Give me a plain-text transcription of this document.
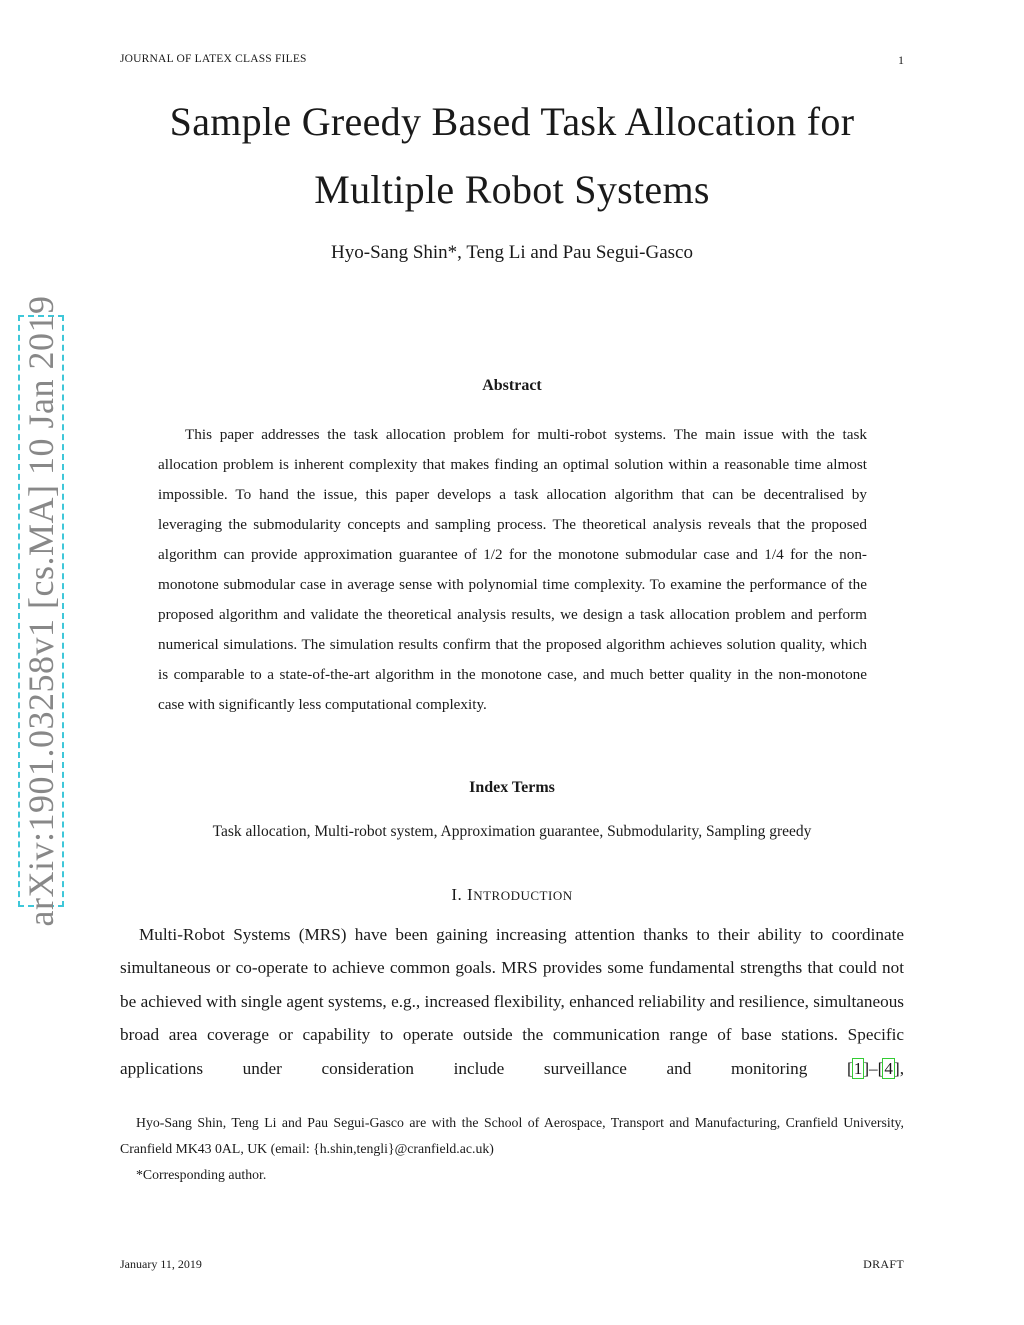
JOURNAL OF LATEX CLASS FILES	1
arXiv:1901.03258v1 [cs.MA] 10 Jan 2019
Sample Greedy Based Task Allocation for
Multiple Robot Systems
Hyo-Sang Shin*, Teng Li and Pau Segui-Gasco
Abstract
This paper addresses the task allocation problem for multi-robot systems. The main issue with the task allocation problem is inherent complexity that makes finding an optimal solution within a reasonable time almost impossible. To hand the issue, this paper develops a task allocation algorithm that can be decentralised by leveraging the submodularity concepts and sampling process. The theoretical analysis reveals that the proposed algorithm can provide approximation guarantee of 1/2 for the monotone submodular case and 1/4 for the non-monotone submodular case in average sense with polynomial time complexity. To examine the performance of the proposed algorithm and validate the theoretical analysis results, we design a task allocation problem and perform numerical simulations. The simulation results confirm that the proposed algorithm achieves solution quality, which is comparable to a state-of-the-art algorithm in the monotone case, and much better quality in the non-monotone case with significantly less computational complexity.
Index Terms
Task allocation, Multi-robot system, Approximation guarantee, Submodularity, Sampling greedy
I. INTRODUCTION
Multi-Robot Systems (MRS) have been gaining increasing attention thanks to their ability to coordinate simultaneous or co-operate to achieve common goals. MRS provides some fundamental strengths that could not be achieved with single agent systems, e.g., increased flexibility, enhanced reliability and resilience, simultaneous broad area coverage or capability to operate outside the communication range of base stations. Specific applications under consideration include surveillance and monitoring [1]–[4],

Hyo-Sang Shin, Teng Li and Pau Segui-Gasco are with the School of Aerospace, Transport and Manufacturing, Cranfield University, Cranfield MK43 0AL, UK (email: {h.shin,tengli}@cranfield.ac.uk)

*Corresponding author.

January 11, 2019	DRAFT
